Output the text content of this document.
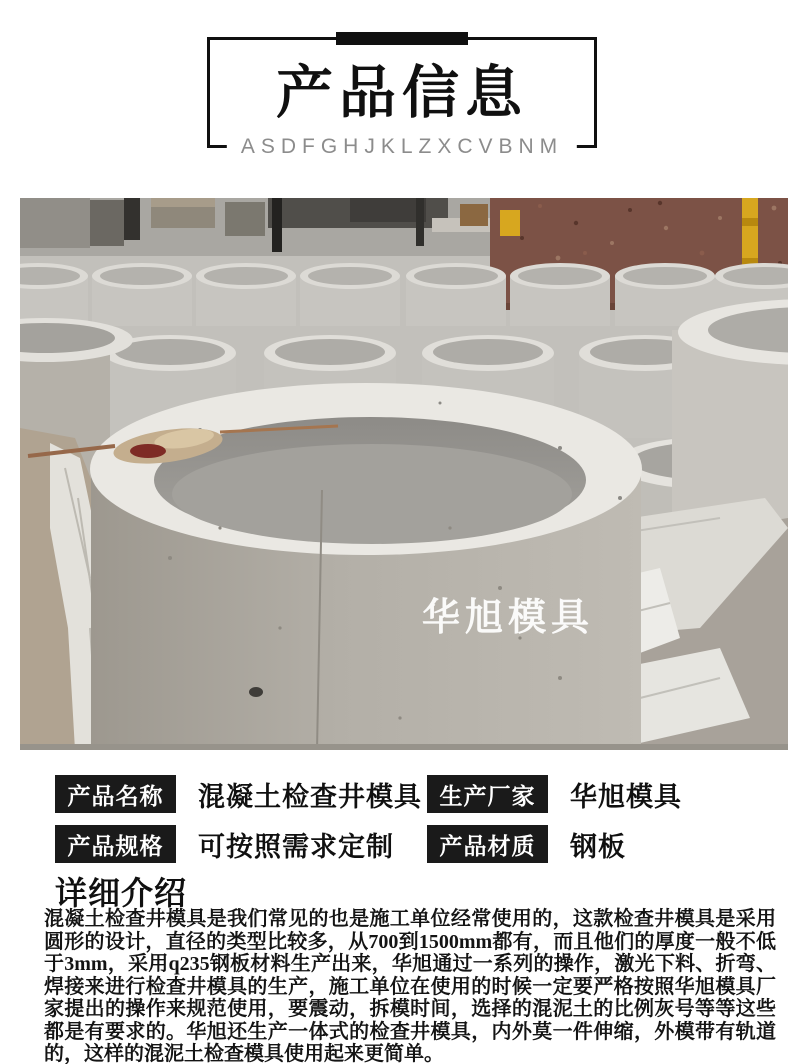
产品信息
ASDFGHJKLZXCVBNM
华旭模具
产品名称	混凝土检查井模具 生产厂家	华旭模具
产品规格	可按照需求定制	产品材质	钢板
详细介绍
混凝土检查井模具是我们常见的也是施工单位经常使用的，这款检查井模具是采用圆形的设计，直径的类型比较多，从700到1500mm都有，而且他们的厚度一般不低于3mm，采用q235钢板材料生产出来，华旭通过一系列的操作，激光下料、折弯、焊接来进行检查井模具的生产，施工单位在使用的时候一定要严格按照华旭模具厂家提出的操作来规范使用，要震动，拆模时间，选择的混泥土的比例灰号等等这些都是有要求的。华旭还生产一体式的检查井模具，内外莫一件伸缩，外模带有轨道的，这样的混泥土检查模具使用起来更简单。
